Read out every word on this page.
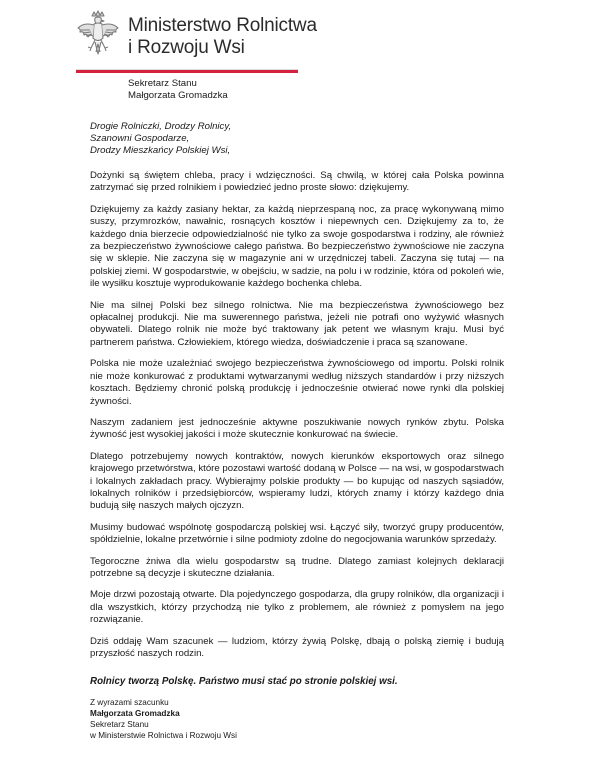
Ministerstwo Rolnictwa
i Rozwoju Wsi
Sekretarz Stanu
Małgorzata Gromadzka
Drogie Rolniczki, Drodzy Rolnicy,
Szanowni Gospodarze,
Drodzy Mieszkańcy Polskiej Wsi,

Dożynki są świętem chleba, pracy i wdzięczności. Są chwilą, w której cała Polska powinna zatrzymać się przed rolnikiem i powiedzieć jedno proste słowo: dziękujemy.

Dziękujemy za każdy zasiany hektar, za każdą nieprzespaną noc, za pracę wykonywaną mimo suszy, przymrozków, nawałnic, rosnących kosztów i niepewnych cen. Dziękujemy za to, że każdego dnia bierzecie odpowiedzialność nie tylko za swoje gospodarstwa i rodziny, ale również za bezpieczeństwo żywnościowe całego państwa. Bo bezpieczeństwo żywnościowe nie zaczyna się w sklepie. Nie zaczyna się w magazynie ani w urzędniczej tabeli. Zaczyna się tutaj — na polskiej ziemi. W gospodarstwie, w obejściu, w sadzie, na polu i w rodzinie, która od pokoleń wie, ile wysiłku kosztuje wyprodukowanie każdego bochenka chleba.

Nie ma silnej Polski bez silnego rolnictwa. Nie ma bezpieczeństwa żywnościowego bez opłacalnej produkcji. Nie ma suwerennego państwa, jeżeli nie potrafi ono wyżywić własnych obywateli. Dlatego rolnik nie może być traktowany jak petent we własnym kraju. Musi być partnerem państwa. Człowiekiem, którego wiedza, doświadczenie i praca są szanowane.

Polska nie może uzależniać swojego bezpieczeństwa żywnościowego od importu. Polski rolnik nie może konkurować z produktami wytwarzanymi według niższych standardów i przy niższych kosztach. Będziemy chronić polską produkcję i jednocześnie otwierać nowe rynki dla polskiej żywności.

Naszym zadaniem jest jednocześnie aktywne poszukiwanie nowych rynków zbytu. Polska żywność jest wysokiej jakości i może skutecznie konkurować na świecie.

Dlatego potrzebujemy nowych kontraktów, nowych kierunków eksportowych oraz silnego krajowego przetwórstwa, które pozostawi wartość dodaną w Polsce — na wsi, w gospodarstwach i lokalnych zakładach pracy. Wybierajmy polskie produkty — bo kupując od naszych sąsiadów, lokalnych rolników i przedsiębiorców, wspieramy ludzi, których znamy i którzy każdego dnia budują siłę naszych małych ojczyzn.

Musimy budować wspólnotę gospodarczą polskiej wsi. Łączyć siły, tworzyć grupy producentów, spółdzielnie, lokalne przetwórnie i silne podmioty zdolne do negocjowania warunków sprzedaży.

Tegoroczne żniwa dla wielu gospodarstw są trudne. Dlatego zamiast kolejnych deklaracji potrzebne są decyzje i skuteczne działania.

Moje drzwi pozostają otwarte. Dla pojedynczego gospodarza, dla grupy rolników, dla organizacji i dla wszystkich, którzy przychodzą nie tylko z problemem, ale również z pomysłem na jego rozwiązanie.

Dziś oddaję Wam szacunek — ludziom, którzy żywią Polskę, dbają o polską ziemię i budują przyszłość naszych rodzin.

Rolnicy tworzą Polskę. Państwo musi stać po stronie polskiej wsi.
Z wyrazami szacunku
Małgorzata Gromadzka
Sekretarz Stanu
w Ministerstwie Rolnictwa i Rozwoju Wsi
